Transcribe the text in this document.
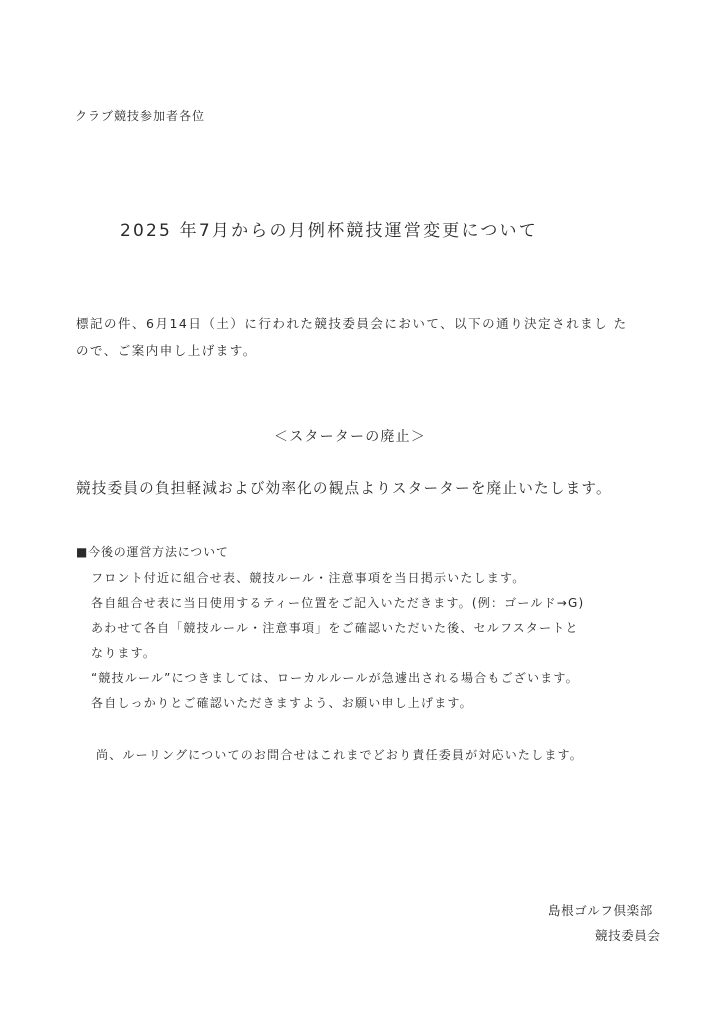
クラブ競技参加者各位
2025 年7月からの月例杯競技運営変更について
標記の件、6月14日（土）に行われた競技委員会において、以下の通り決定されまし た
ので、ご案内申し上げます。
＜スターターの廃止＞
競技委員の負担軽減および効率化の観点よりスターターを廃止いたします。
■今後の運営方法について
フロント付近に組合せ表、競技ルール・注意事項を当日掲示いたします。
各自組合せ表に当日使用するティー位置をご記入いただきます。(例：ゴールド→G)
あわせて各自「競技ルール・注意事項」をご確認いただいた後、セルフスタートと
なります。
“競技ルール”につきましては、ローカルルールが急遽出される場合もございます。
各自しっかりとご確認いただきますよう、お願い申し上げます。
尚、ルーリングについてのお問合せはこれまでどおり責任委員が対応いたします。
島根ゴルフ倶楽部
競技委員会
